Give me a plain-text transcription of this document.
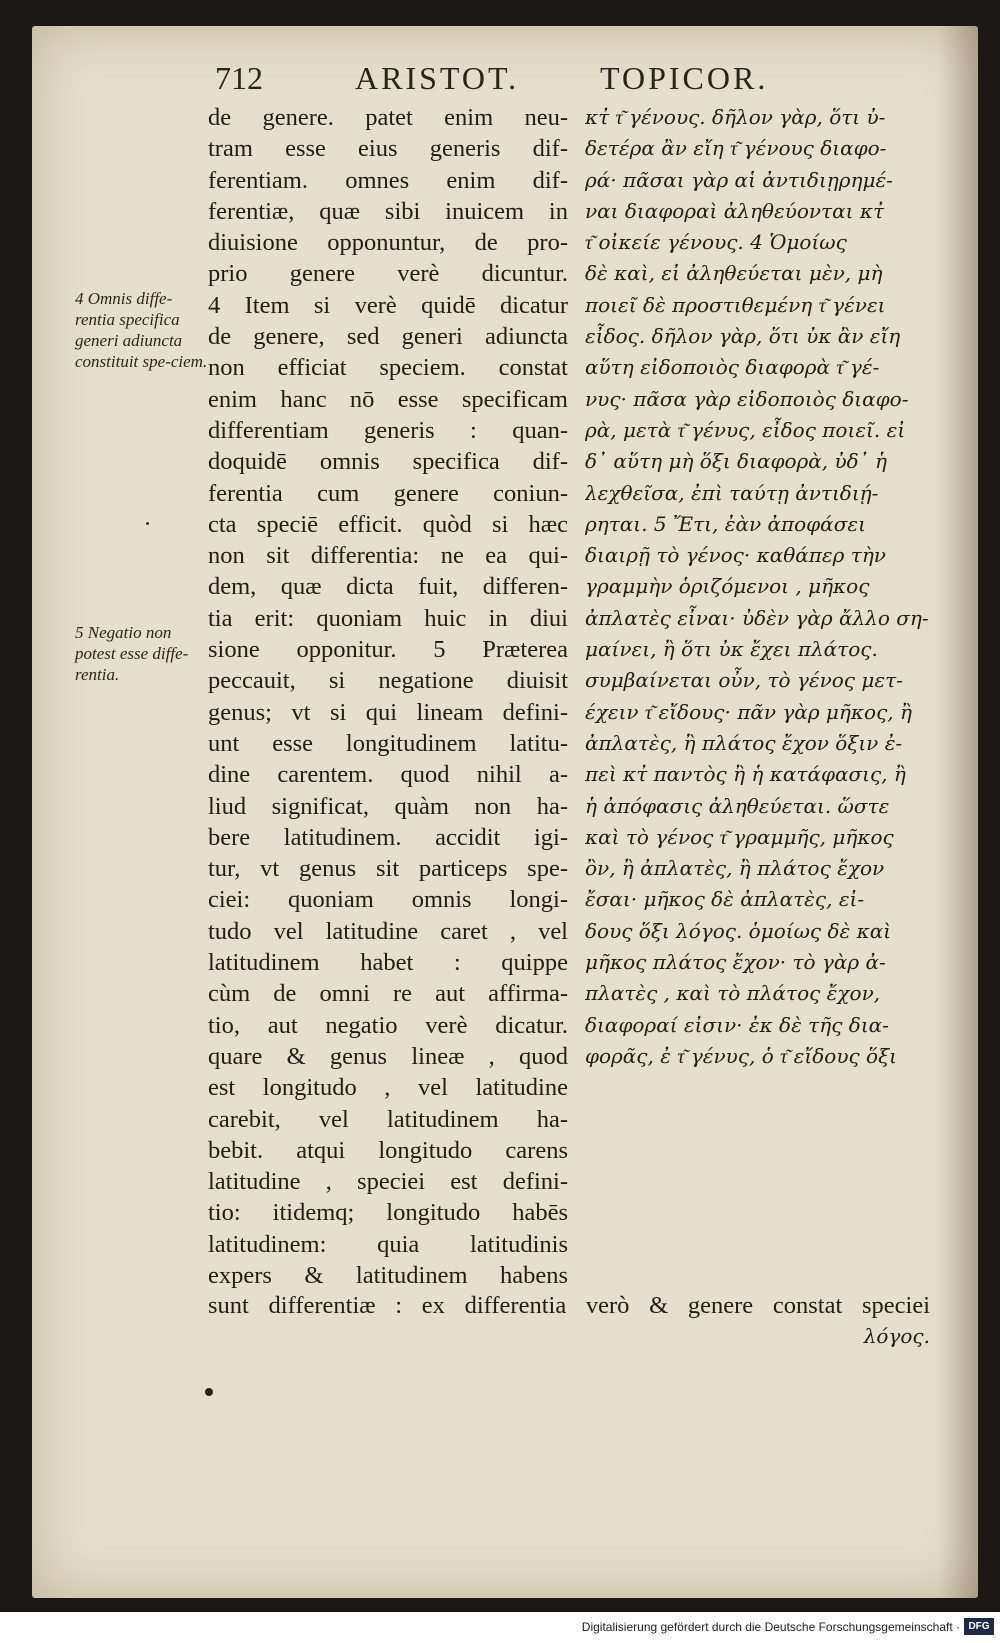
712	ARISTOT.	TOPICOR.
4 Omnis diffe-rentia specifica generi adiuncta constituit spe-ciem.
5 Negatio non potest esse diffe-rentia.
de genere. patet enim neu-
tram esse eius generis dif-
ferentiam. omnes enim dif-
ferentiæ, quæ sibi inuicem in
diuisione opponuntur, de pro-
prio genere verè dicuntur.
4 Item si verè quidē dicatur
de genere, sed generi adiuncta
non efficiat speciem. constat
enim hanc nō esse specificam
differentiam generis : quan-
doquidē omnis specifica dif-
ferentia cum genere coniun-
cta speciē efficit. quòd si hæc
non sit differentia: ne ea qui-
dem, quæ dicta fuit, differen-
tia erit: quoniam huic in diui
sione opponitur. 5 Præterea
peccauit, si negatione diuisit
genus; vt si qui lineam defini-
unt esse longitudinem latitu-
dine carentem. quod nihil a-
liud significat, quàm non ha-
bere latitudinem. accidit igi-
tur, vt genus sit particeps spe-
ciei: quoniam omnis longi-
tudo vel latitudine caret , vel
latitudinem habet : quippe
cùm de omni re aut affirma-
tio, aut negatio verè dicatur.
quare & genus lineæ , quod
est longitudo , vel latitudine
carebit, vel latitudinem ha-
bebit. atqui longitudo carens
latitudine , speciei est defini-
tio: itidemq; longitudo habēs
latitudinem: quia latitudinis
expers & latitudinem habens
κτ̓ τ͂ γένους. δῆλον γὰρ, ὅτι ὐ-
δετέρα ἂν εἴη τ͂ γένους διαφο-
ρά· πᾶσαι γὰρ αἱ ἀντιδιῃρημέ-
ναι διαφοραὶ ἀληθεύονται κτ̓
τ͂ οἰκείε γένους. 4 Ὁμοίως
δὲ καὶ, εἰ ἀληθεύεται μὲν, μὴ
ποιεῖ δὲ προστιθεμένη τ͂ γένει
εἶδος. δῆλον γὰρ, ὅτι ὐκ ἂν εἴη
αὕτη εἰδοποιὸς διαφορὰ τ͂ γέ-
νυς· πᾶσα γὰρ εἰδοποιὸς διαφο-
ρὰ, μετὰ τ͂ γένυς, εἶδος ποιεῖ. εἰ
δ᾽ αὕτη μὴ ὅξι διαφορὰ, ὐδ᾽ ἡ
λεχθεῖσα, ἐπὶ ταύτῃ ἀντιδιῄ-
ρηται. 5 Ἔτι, ἐὰν ἀποφάσει
διαιρῇ τὸ γένος· καθάπερ τὴν
γραμμὴν ὁριζόμενοι , μῆκος
ἀπλατὲς εἶναι· ὐδὲν γὰρ ἄλλο ση-
μαίνει, ἢ ὅτι ὐκ ἔχει πλάτος.
συμβαίνεται οὖν, τὸ γένος μετ-
έχειν τ͂ εἴδους· πᾶν γὰρ μῆκος, ἢ
ἀπλατὲς, ἢ πλάτος ἔχον ὅξιν ἐ-
πεὶ κτ̓ παντὸς ἢ ἡ κατάφασις, ἢ
ἡ ἀπόφασις ἀληθεύεται. ὥστε
καὶ τὸ γένος τ͂ γραμμῆς, μῆκος
ὂν, ἢ ἀπλατὲς, ἢ πλάτος ἔχον
ἔσαι· μῆκος δὲ ἀπλατὲς, εἰ-
δους ὅξι λόγος. ὁμοίως δὲ καὶ
μῆκος πλάτος ἔχον· τὸ γὰρ ἀ-
πλατὲς , καὶ τὸ πλάτος ἔχον,
διαφοραί εἰσιν· ἐκ δὲ τῆς δια-
φορᾶς, ἐ τ͂ γένυς, ὁ τ͂ εἴδους ὅξι
sunt differentiæ : ex differentia verò & genere constat speciei
λόγος.
Digitalisierung gefördert durch die Deutsche Forschungsgemeinschaft · DFG
